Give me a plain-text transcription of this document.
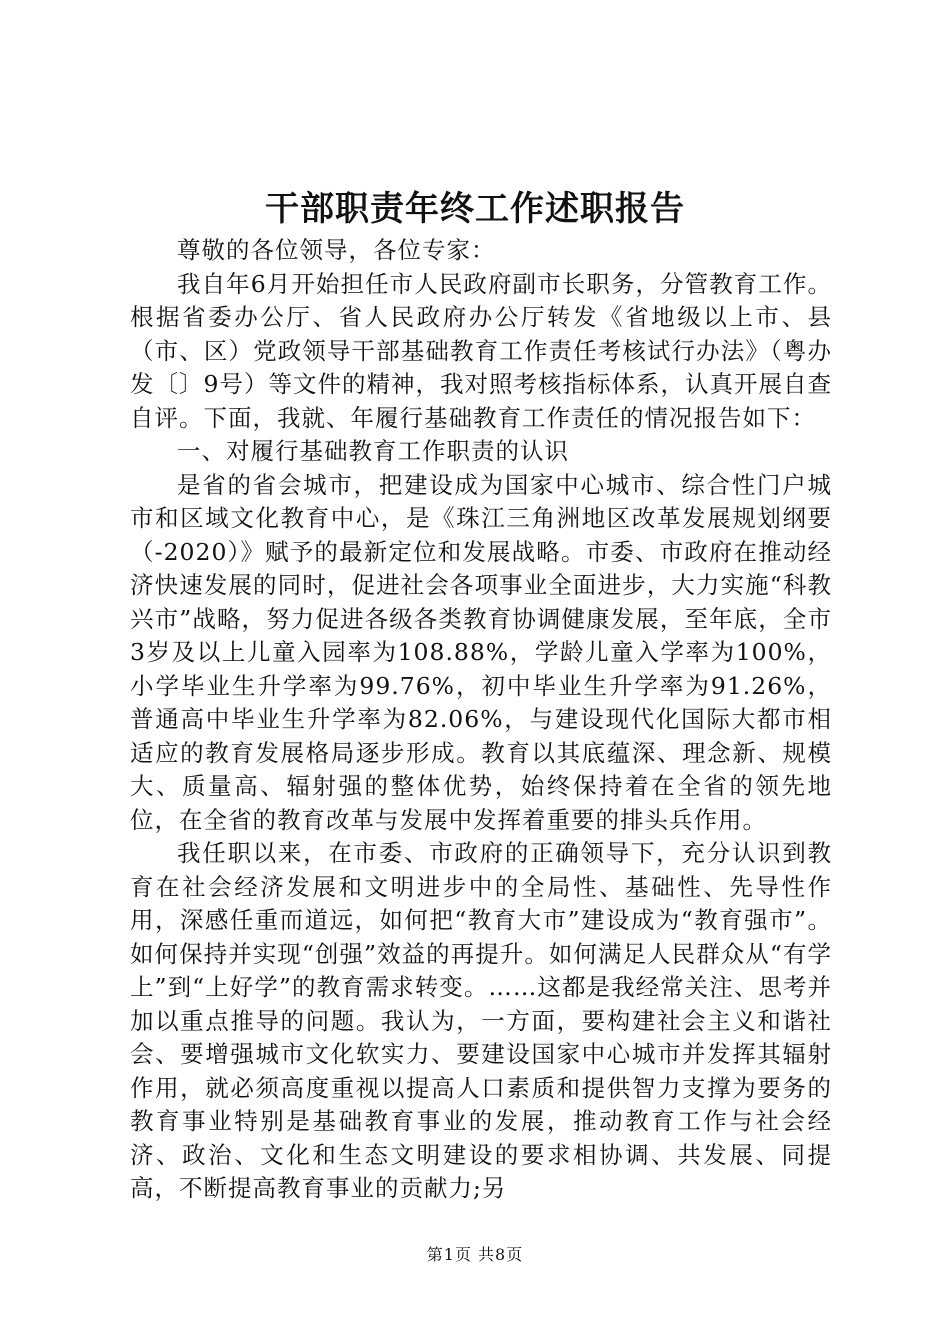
干部职责年终工作述职报告

尊敬的各位领导，各位专家：

我自年6月开始担任市人民政府副市长职务，分管教育工作。根据省委办公厅、省人民政府办公厅转发《省地级以上市、县（市、区）党政领导干部基础教育工作责任考核试行办法》（粤办发〔〕9号）等文件的精神，我对照考核指标体系，认真开展自查自评。下面，我就、年履行基础教育工作责任的情况报告如下：

一、对履行基础教育工作职责的认识

是省的省会城市，把建设成为国家中心城市、综合性门户城市和区域文化教育中心，是《珠江三角洲地区改革发展规划纲要（-2020）》赋予的最新定位和发展战略。市委、市政府在推动经济快速发展的同时，促进社会各项事业全面进步，大力实施“科教兴市”战略，努力促进各级各类教育协调健康发展，至年底，全市3岁及以上儿童入园率为108.88%，学龄儿童入学率为100%，小学毕业生升学率为99.76%，初中毕业生升学率为91.26%，普通高中毕业生升学率为82.06%，与建设现代化国际大都市相适应的教育发展格局逐步形成。教育以其底蕴深、理念新、规模大、质量高、辐射强的整体优势，始终保持着在全省的领先地位，在全省的教育改革与发展中发挥着重要的排头兵作用。

我任职以来，在市委、市政府的正确领导下，充分认识到教育在社会经济发展和文明进步中的全局性、基础性、先导性作用，深感任重而道远，如何把“教育大市”建设成为“教育强市”。如何保持并实现“创强”效益的再提升。如何满足人民群众从“有学上”到“上好学”的教育需求转变。……这都是我经常关注、思考并加以重点推导的问题。我认为，一方面，要构建社会主义和谐社会、要增强城市文化软实力、要建设国家中心城市并发挥其辐射作用，就必须高度重视以提高人口素质和提供智力支撑为要务的教育事业特别是基础教育事业的发展，推动教育工作与社会经济、政治、文化和生态文明建设的要求相协调、共发展、同提高，不断提高教育事业的贡献力;另

第1页 共8页
